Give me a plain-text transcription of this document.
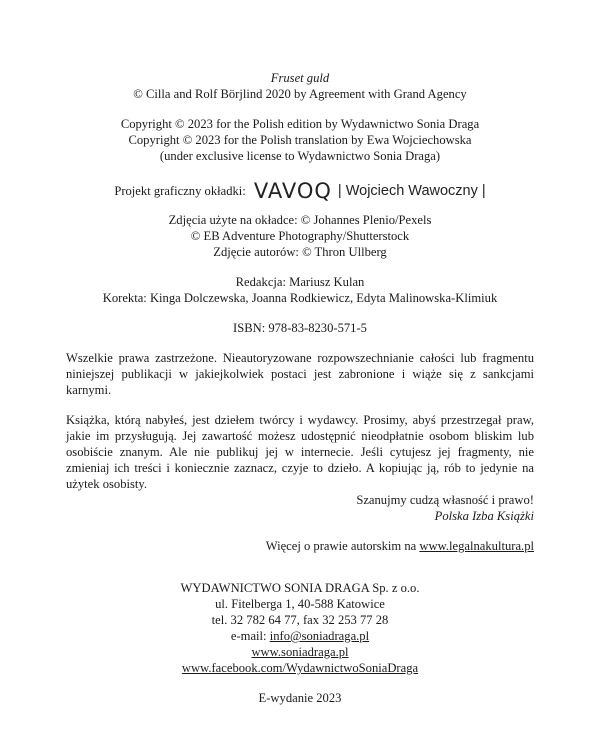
Fruset guld
© Cilla and Rolf Börjlind 2020 by Agreement with Grand Agency
Copyright © 2023 for the Polish edition by Wydawnictwo Sonia Draga
Copyright © 2023 for the Polish translation by Ewa Wojciechowska
(under exclusive license to Wydawnictwo Sonia Draga)
Projekt graficzny okładki: VAVOQ | Wojciech Wawoczny |
Zdjęcia użyte na okładce: © Johannes Plenio/Pexels
© EB Adventure Photography/Shutterstock
Zdjęcie autorów: © Thron Ullberg
Redakcja: Mariusz Kulan
Korekta: Kinga Dolczewska, Joanna Rodkiewicz, Edyta Malinowska-Klimiuk
ISBN: 978-83-8230-571-5
Wszelkie prawa zastrzeżone. Nieautoryzowane rozpowszechnianie całości lub fragmentu niniejszej publikacji w jakiejkolwiek postaci jest zabronione i wiąże się z sankcjami karnymi.
Książka, którą nabyłeś, jest dziełem twórcy i wydawcy. Prosimy, abyś przestrzegał praw, jakie im przysługują. Jej zawartość możesz udostępnić nieodpłatnie osobom bliskim lub osobiście znanym. Ale nie publikuj jej w internecie. Jeśli cytujesz jej fragmenty, nie zmieniaj ich treści i koniecznie zaznacz, czyje to dzieło. A kopiując ją, rób to jedynie na użytek osobisty.
Szanujmy cudzą własność i prawo!
Polska Izba Książki
Więcej o prawie autorskim na www.legalnakultura.pl
WYDAWNICTWO SONIA DRAGA Sp. z o.o.
ul. Fitelberga 1, 40-588 Katowice
tel. 32 782 64 77, fax 32 253 77 28
e-mail: info@soniadraga.pl
www.soniadraga.pl
www.facebook.com/WydawnictwoSoniaDraga
E-wydanie 2023
